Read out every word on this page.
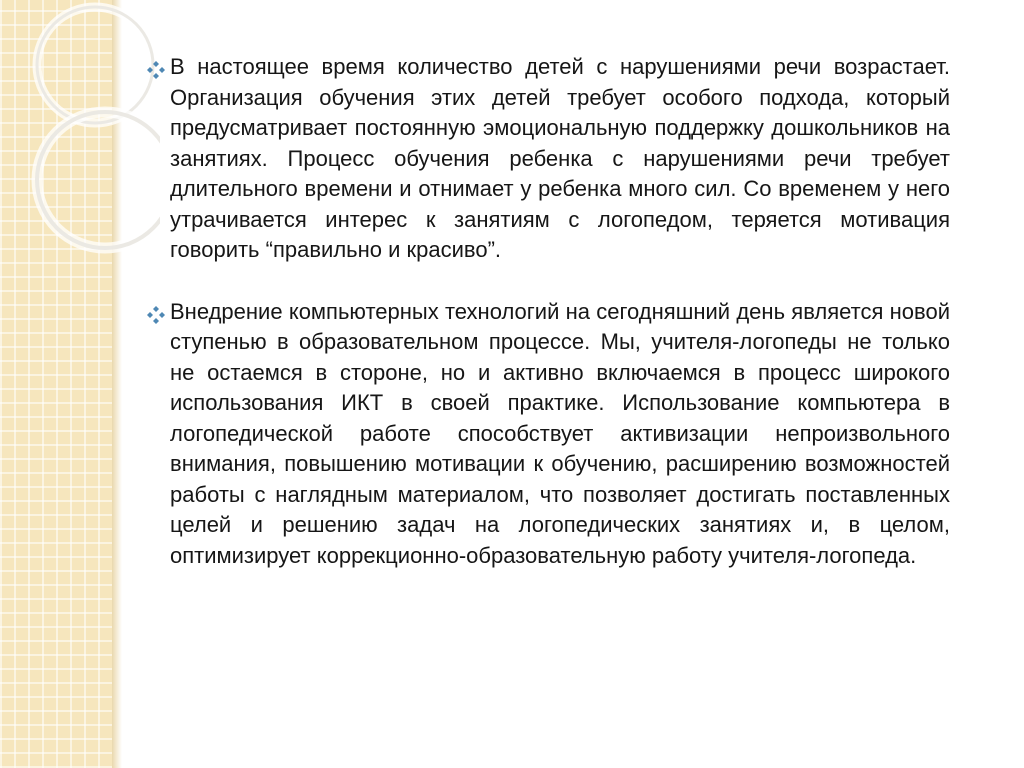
В настоящее время количество детей с нарушениями речи возрастает. Организация обучения этих детей требует особого подхода, который предусматривает постоянную эмоциональную поддержку дошкольников на занятиях. Процесс обучения ребенка с нарушениями речи требует длительного времени и отнимает у ребенка много сил. Со временем у него утрачивается интерес к занятиям с логопедом, теряется мотивация говорить “правильно и красиво”.

Внедрение компьютерных технологий на сегодняшний день является новой ступенью в образовательном процессе. Мы, учителя-логопеды не только не остаемся в стороне, но и активно включаемся в процесс широкого использования ИКТ в своей практике. Использование компьютера в логопедической работе способствует активизации непроизвольного внимания, повышению мотивации к обучению, расширению возможностей работы с наглядным материалом, что позволяет достигать поставленных целей и решению задач на логопедических занятиях и, в целом, оптимизирует коррекционно-образовательную работу учителя-логопеда.
